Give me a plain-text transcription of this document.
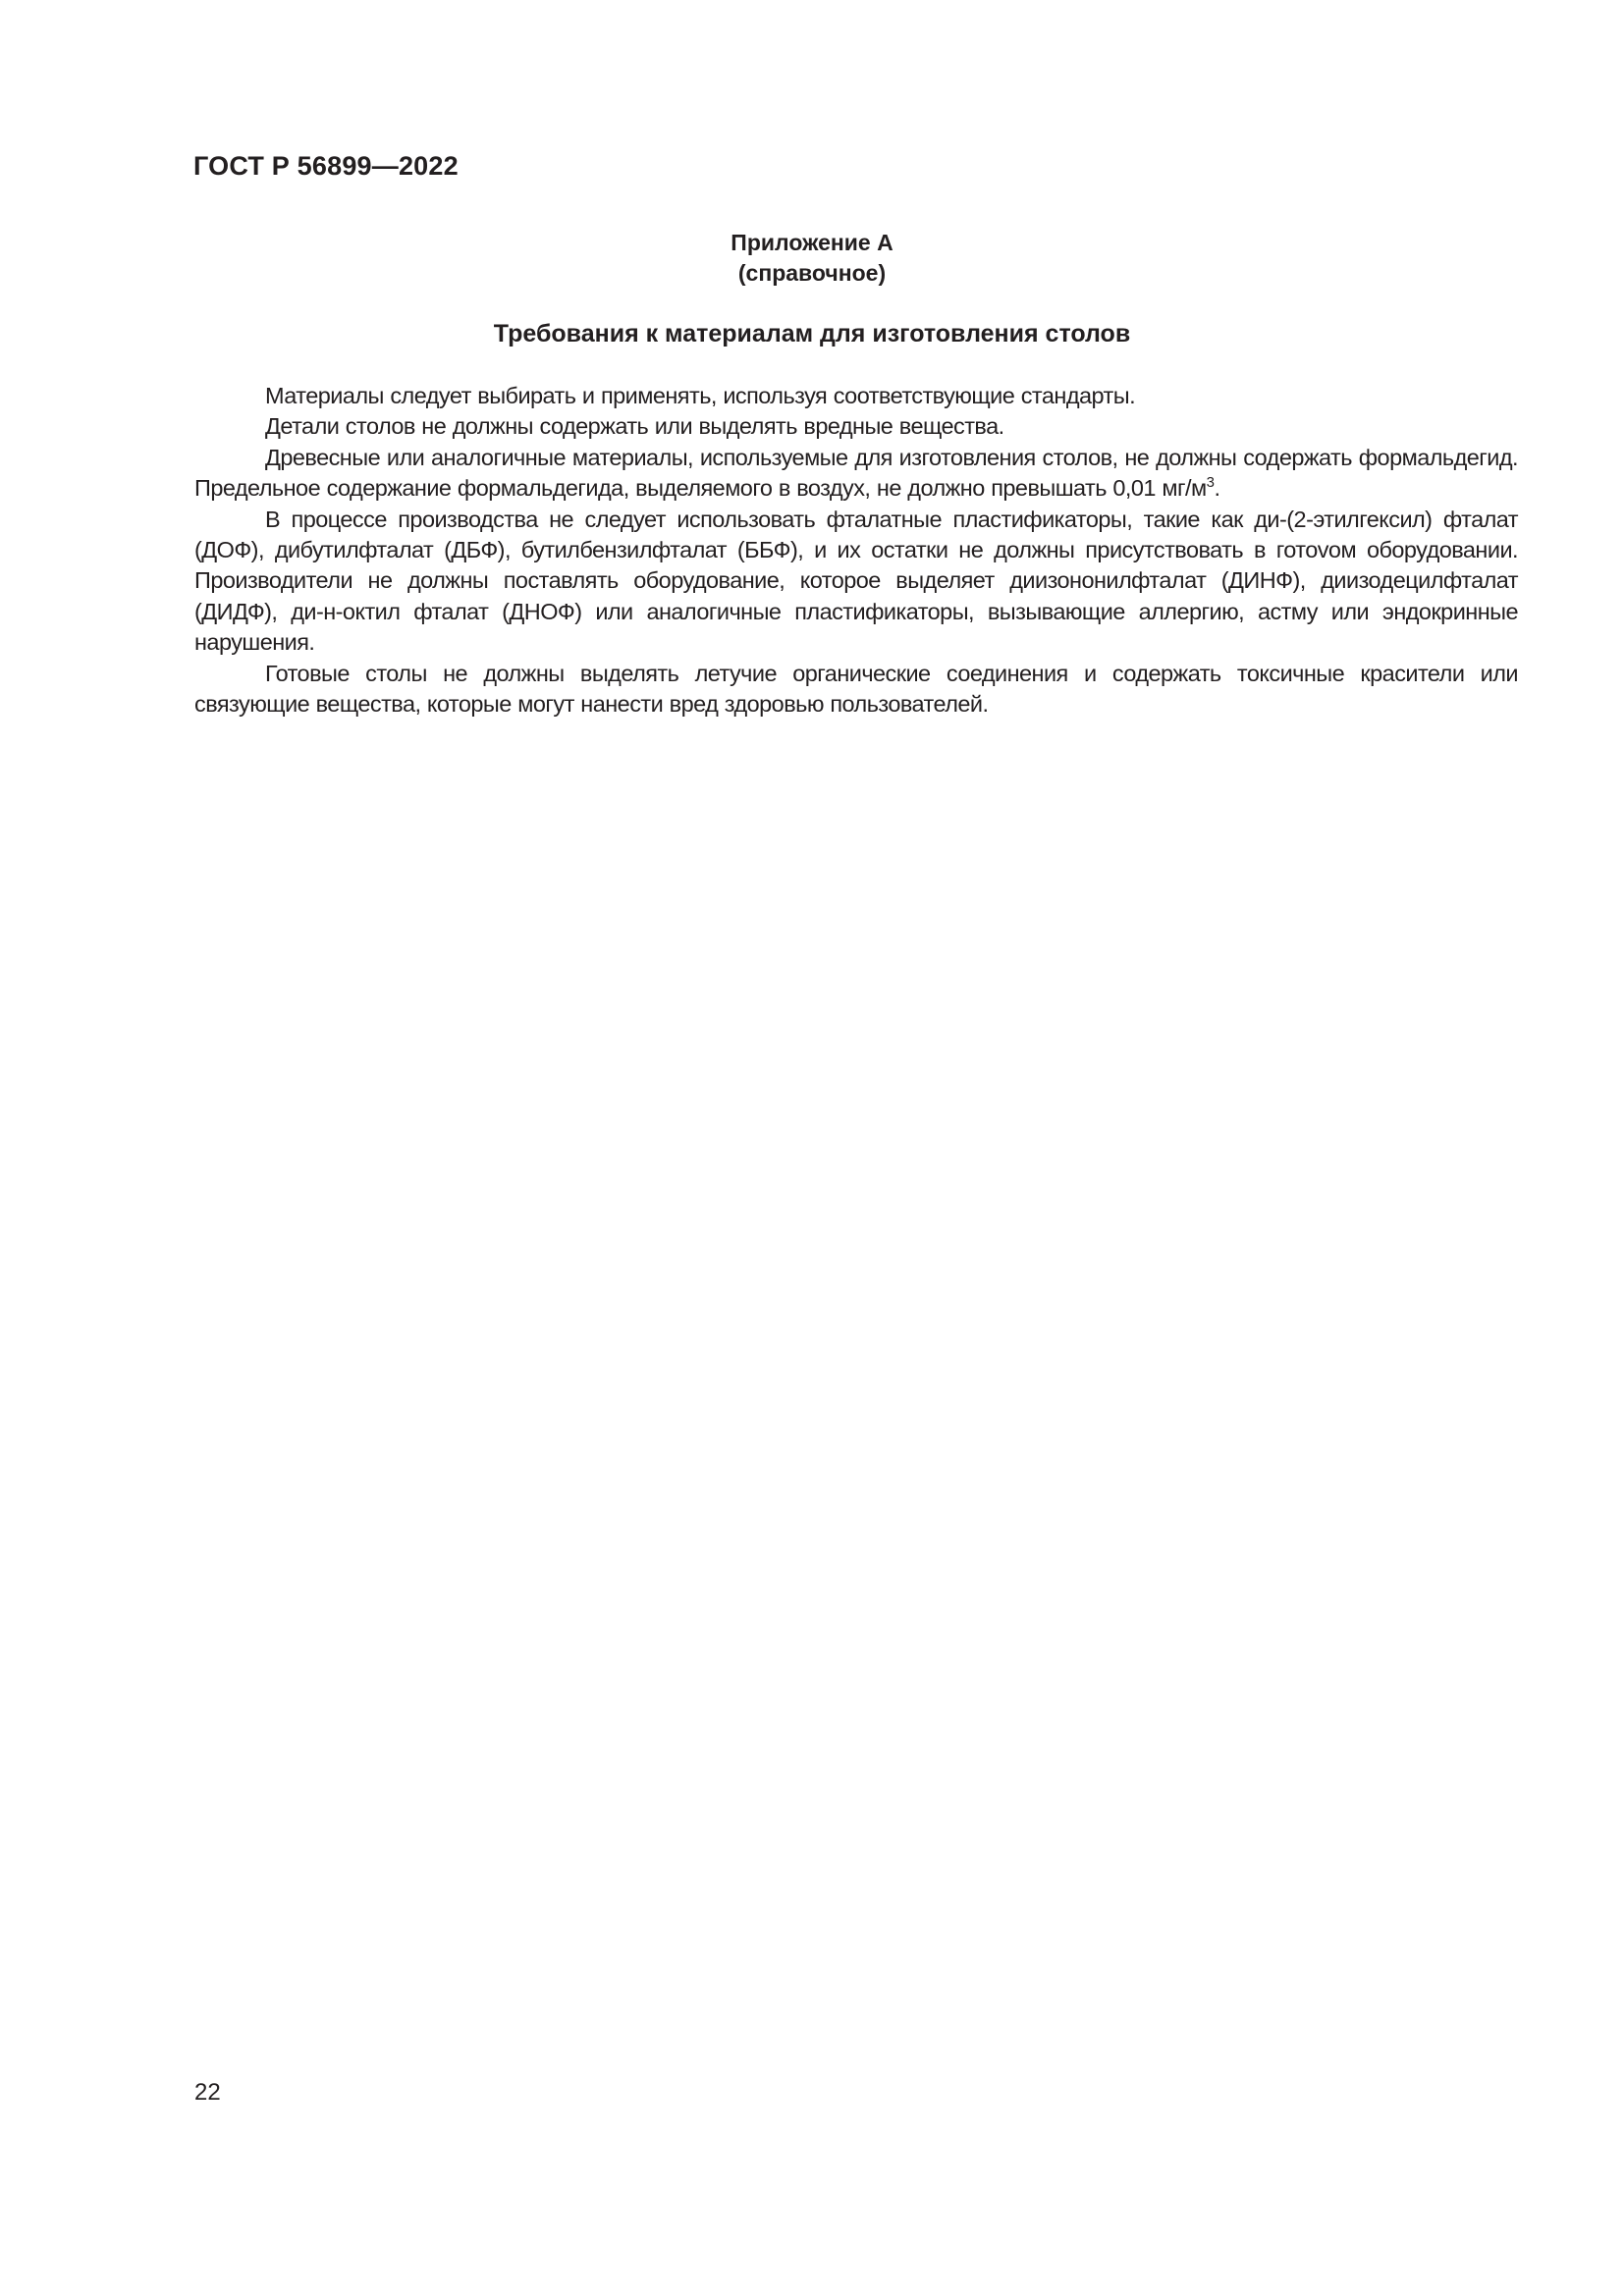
ГОСТ Р 56899—2022
Приложение А
(справочное)
Требования к материалам для изготовления столов

Материалы следует выбирать и применять, используя соответствующие стандарты.

Детали столов не должны содержать или выделять вредные вещества.

Древесные или аналогичные материалы, используемые для изготовления столов, не должны содержать формальдегид. Предельное содержание формальдегида, выделяемого в воздух, не должно превышать 0,01 $мг/м^3$.

В процессе производства не следует использовать фталатные пластификаторы, такие как ди-(2-этилгексил) фталат (ДОФ), дибутилфталат (ДБФ), бутилбензилфталат (ББФ), и их остатки не должны присутствовать в готоvом оборудовании. Производители не должны поставлять оборудование, которое выделяет диизононилфталат (ДИНФ), диизодецилфталат (ДИДФ), ди-н-октил фталат (ДНОФ) или аналогичные пластификаторы, вызывающие аллергию, астму или эндокринные нарушения.

Готовые столы не должны выделять летучие органические соединения и содержать токсичные красители или связующие вещества, которые могут нанести вред здоровью пользователей.

22
